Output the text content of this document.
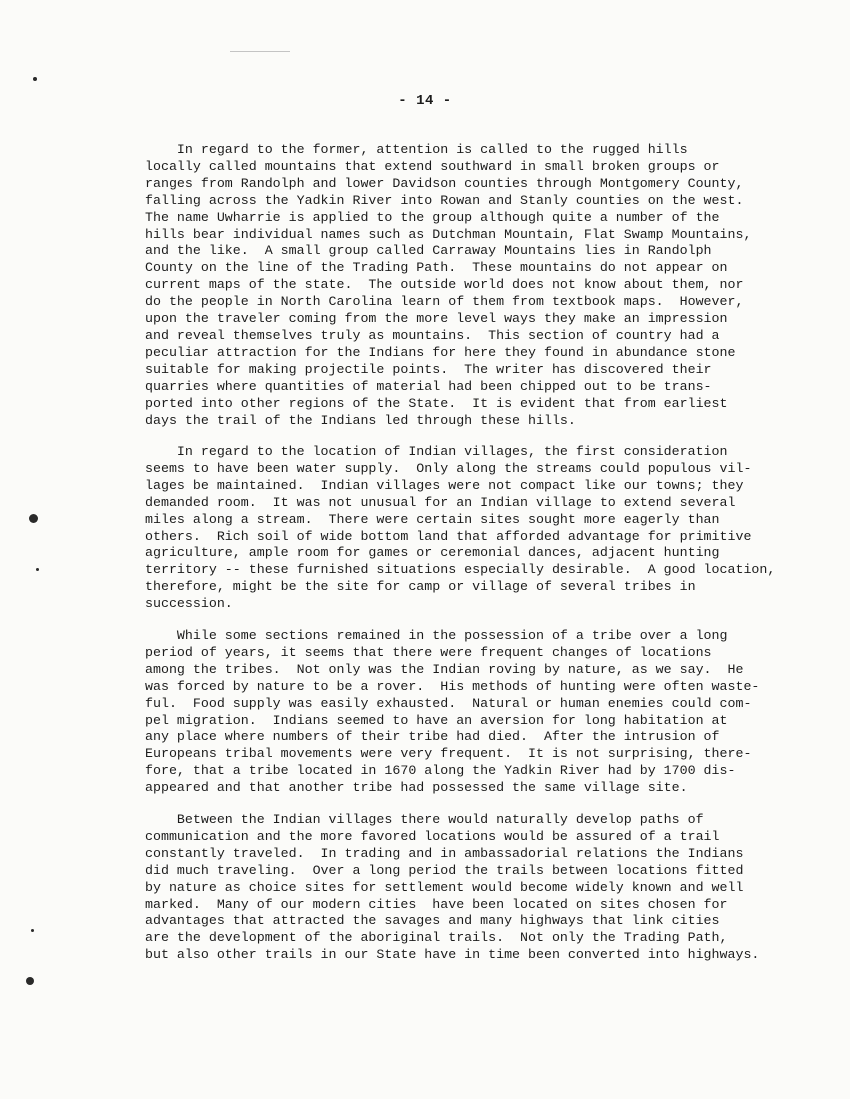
- 14 -

In regard to the former, attention is called to the rugged hills
locally called mountains that extend southward in small broken groups or
ranges from Randolph and lower Davidson counties through Montgomery County,
falling across the Yadkin River into Rowan and Stanly counties on the west.
The name Uwharrie is applied to the group although quite a number of the
hills bear individual names such as Dutchman Mountain, Flat Swamp Mountains,
and the like.  A small group called Carraway Mountains lies in Randolph
County on the line of the Trading Path.  These mountains do not appear on
current maps of the state.  The outside world does not know about them, nor
do the people in North Carolina learn of them from textbook maps.  However,
upon the traveler coming from the more level ways they make an impression
and reveal themselves truly as mountains.  This section of country had a
peculiar attraction for the Indians for here they found in abundance stone
suitable for making projectile points.  The writer has discovered their
quarries where quantities of material had been chipped out to be trans-
ported into other regions of the State.  It is evident that from earliest
days the trail of the Indians led through these hills.

In regard to the location of Indian villages, the first consideration
seems to have been water supply.  Only along the streams could populous vil-
lages be maintained.  Indian villages were not compact like our towns; they
demanded room.  It was not unusual for an Indian village to extend several
miles along a stream.  There were certain sites sought more eagerly than
others.  Rich soil of wide bottom land that afforded advantage for primitive
agriculture, ample room for games or ceremonial dances, adjacent hunting
territory -- these furnished situations especially desirable.  A good location,
therefore, might be the site for camp or village of several tribes in
succession.

While some sections remained in the possession of a tribe over a long
period of years, it seems that there were frequent changes of locations
among the tribes.  Not only was the Indian roving by nature, as we say.  He
was forced by nature to be a rover.  His methods of hunting were often waste-
ful.  Food supply was easily exhausted.  Natural or human enemies could com-
pel migration.  Indians seemed to have an aversion for long habitation at
any place where numbers of their tribe had died.  After the intrusion of
Europeans tribal movements were very frequent.  It is not surprising, there-
fore, that a tribe located in 1670 along the Yadkin River had by 1700 dis-
appeared and that another tribe had possessed the same village site.

Between the Indian villages there would naturally develop paths of
communication and the more favored locations would be assured of a trail
constantly traveled.  In trading and in ambassadorial relations the Indians
did much traveling.  Over a long period the trails between locations fitted
by nature as choice sites for settlement would become widely known and well
marked.  Many of our modern cities  have been located on sites chosen for
advantages that attracted the savages and many highways that link cities
are the development of the aboriginal trails.  Not only the Trading Path,
but also other trails in our State have in time been converted into highways.
